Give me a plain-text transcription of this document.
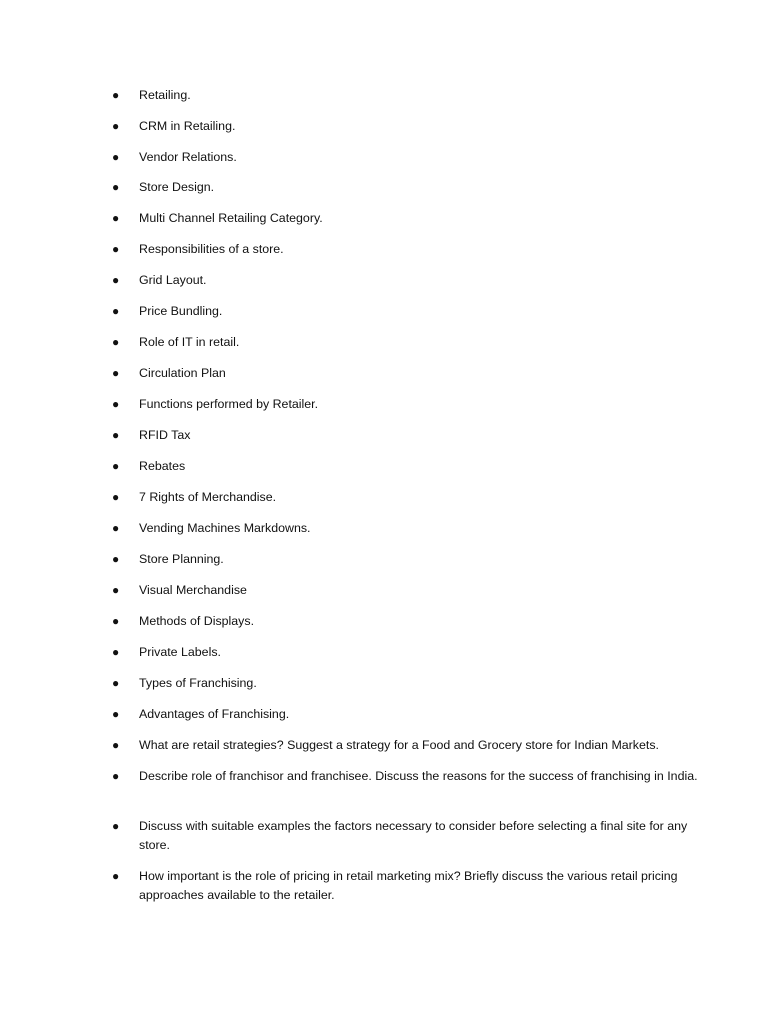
●	Retailing.
●	CRM in Retailing.
●	Vendor Relations.
●	Store Design.
●	Multi Channel Retailing Category.
●	Responsibilities of a store.
●	Grid Layout.
●	Price Bundling.
●	Role of IT in retail.
●	Circulation Plan
●	Functions performed by Retailer.
●	RFID Tax
●	Rebates
●	7 Rights of Merchandise.
●	Vending Machines Markdowns.
●	Store Planning.
●	Visual Merchandise
●	Methods of Displays.
●	Private Labels.
●	Types of Franchising.
●	Advantages of Franchising.
●	What are retail strategies? Suggest a strategy for a Food and Grocery store for Indian Markets.
●	Describe role of franchisor and franchisee. Discuss the reasons for the success of franchising in India.
●	Discuss with suitable examples the factors necessary to consider before selecting a final site for any store.
●	How important is the role of pricing in retail marketing mix? Briefly discuss the various retail pricing approaches available to the retailer.
